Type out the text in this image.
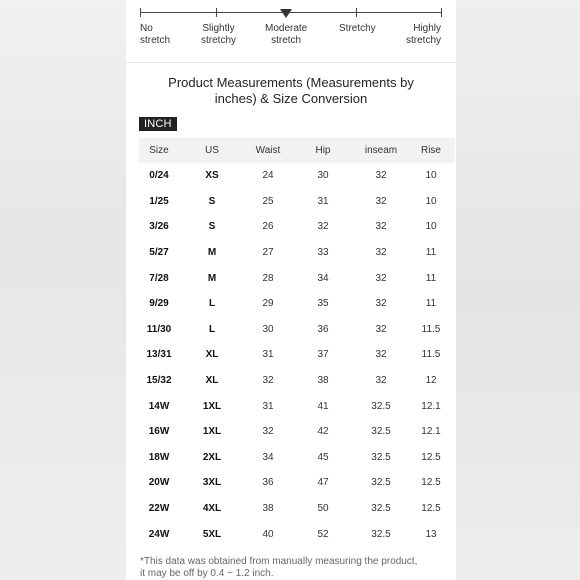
No
stretch
Slightly
stretchy
Moderate
stretch
Stretchy	Highly
stretchy
Product Measurements (Measurements by
inches) & Size Conversion
INCH
Size	US	Waist	Hip	inseam	Rise
0/24	XS	24	30	32	10
1/25	S	25	31	32	10
3/26	S	26	32	32	10
5/27	M	27	33	32	11
7/28	M	28	34	32	11
9/29	L	29	35	32	11
11/30	L	30	36	32	11.5
13/31	XL	31	37	32	11.5
15/32	XL	32	38	32	12
14W	1XL	31	41	32.5	12.1
16W	1XL	32	42	32.5	12.1
18W	2XL	34	45	32.5	12.5
20W	3XL	36	47	32.5	12.5
22W	4XL	38	50	32.5	12.5
24W	5XL	40	52	32.5	13
*This data was obtained from manually measuring the product,
it may be off by 0.4 ~ 1.2 inch.
